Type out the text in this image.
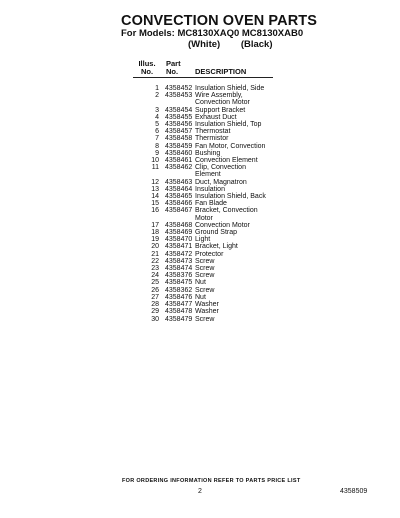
CONVECTION OVEN PARTS
For Models: MC8130XAQ0 MC8130XAB0
(White) (Black)
Illus.
No.
Part
No.	DESCRIPTION
1 4358452 Insulation Shield, Side
2 4358453 Wire Assembly, Convection Motor
3 4358454 Support Bracket
4 4358455 Exhaust Duct
5 4358456 Insulation Shield, Top
6 4358457 Thermostat
7 4358458 Thermistor
8 4358459 Fan Motor, Convection
9 4358460 Bushing
10 4358461 Convection Element
11 4358462 Clip, Convection Element
12 4358463 Duct, Magnatron
13 4358464 Insulation
14 4358465 Insulation Shield, Back
15 4358466 Fan Blade
16 4358467 Bracket, Convection Motor
17 4358468 Convection Motor
18 4358469 Ground Strap
19 4358470 Light
20 4358471 Bracket, Light
21 4358472 Protector
22 4358473 Screw
23 4358474 Screw
24 4358376 Screw
25 4358475 Nut
26 4358362 Screw
27 4358476 Nut
28 4358477 Washer
29 4358478 Washer
30 4358479 Screw
FOR ORDERING INFORMATION REFER TO PARTS PRICE LIST
2	4358509
